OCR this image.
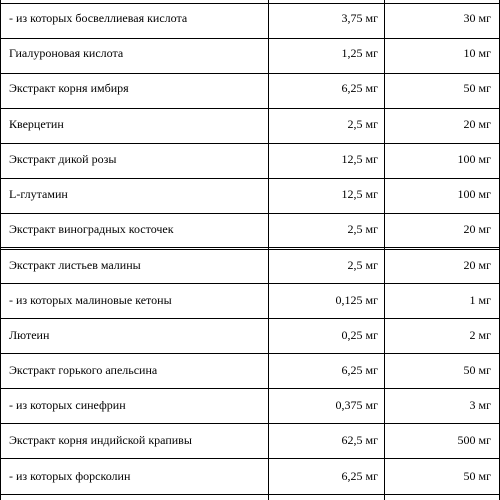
- из которых босвеллиевая кислота	3,75 мг	30 мг
Гиалуроновая кислота	1,25 мг	10 мг
Экстракт корня имбиря	6,25 мг	50 мг
Кверцетин	2,5 мг	20 мг
Экстракт дикой розы	12,5 мг	100 мг
L-глутамин	12,5 мг	100 мг
Экстракт виноградных косточек	2,5 мг	20 мг
Экстракт листьев малины	2,5 мг	20 мг
- из которых малиновые кетоны	0,125 мг	1 мг
Лютеин	0,25 мг	2 мг
Экстракт горького апельсина	6,25 мг	50 мг
- из которых синефрин	0,375 мг	3 мг
Экстракт корня индийской крапивы	62,5 мг	500 мг
- из которых форсколин	6,25 мг	50 мг
